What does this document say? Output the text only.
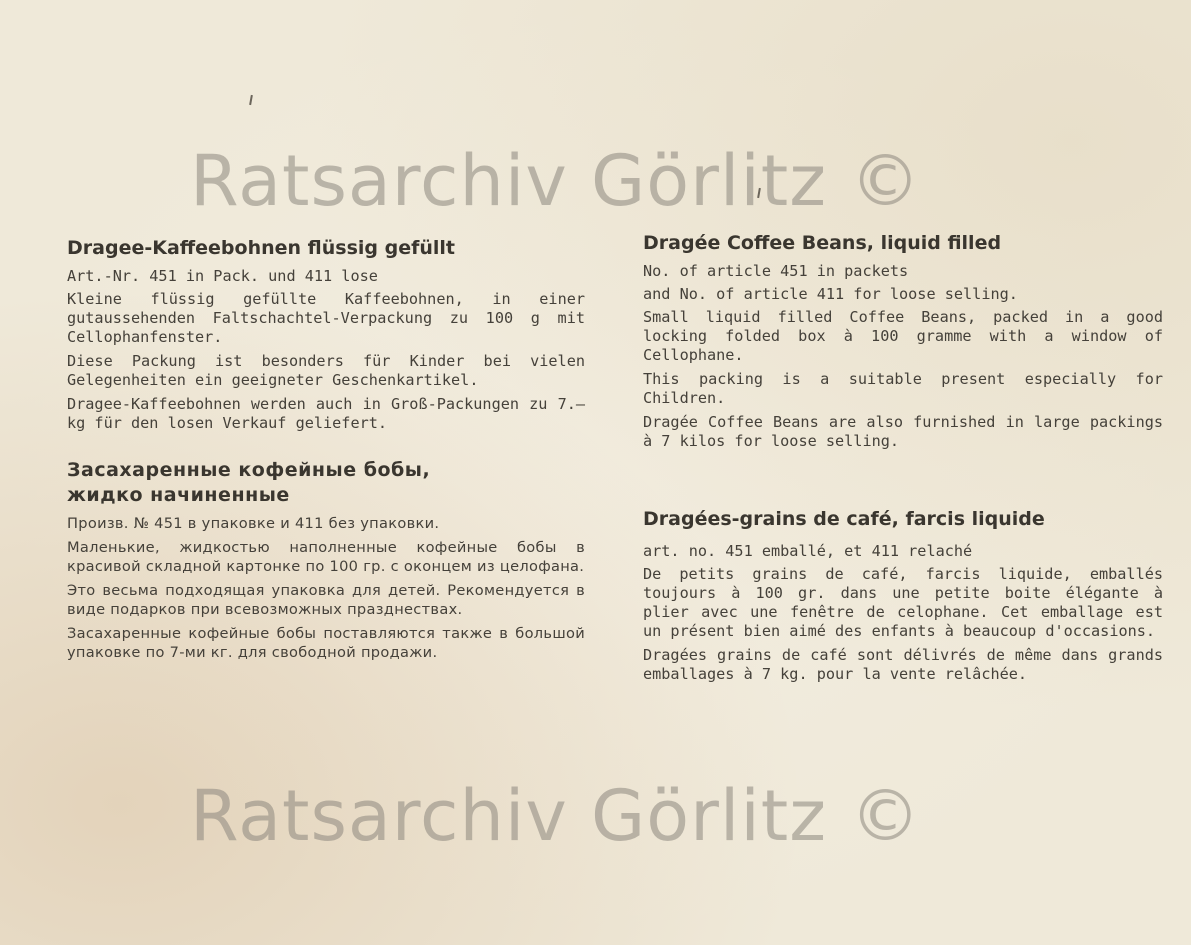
Ratsarchiv Görlitz ©
Dragee-Kaffeebohnen flüssig gefüllt

Art.-Nr. 451 in Pack. und 411 lose

Kleine flüssig gefüllte Kaffeebohnen, in einer gutaussehenden Faltschachtel-Verpackung zu 100 g mit Cellophanfenster.

Diese Packung ist besonders für Kinder bei vielen Gelegenheiten ein geeigneter Geschenkartikel.

Dragee-Kaffeebohnen werden auch in Groß-Packungen zu 7.— kg für den losen Verkauf geliefert.

Засахаренные кофейные бобы,
жидко начиненные

Произв. № 451 в упаковке и 411 без упаковки.

Маленькие, жидкостью наполненные кофейные бобы в красивой складной картонке по 100 гр. с оконцем из целофана.

Это весьма подходящая упаковка для детей. Рекомендуется в виде подарков при всевозможных празднествах.

Засахаренные кофейные бобы поставляются также в большой упаковке по 7-ми кг. для свободной продажи.

Dragée Coffee Beans, liquid filled

No. of article 451 in packets

and No. of article 411 for loose selling.

Small liquid filled Coffee Beans, packed in a good locking folded box à 100 gramme with a window of Cellophane.

This packing is a suitable present especially for Children.

Dragée Coffee Beans are also furnished in large packings à 7 kilos for loose selling.

Dragées-grains de café, farcis liquide

art. no. 451 emballé, et 411 relaché

De petits grains de café, farcis liquide, emballés toujours à 100 gr. dans une petite boite élégante à plier avec une fenêtre de celophane. Cet emballage est un présent bien aimé des enfants à beaucoup d'occasions.

Dragées grains de café sont délivrés de même dans grands emballages à 7 kg. pour la vente relâchée.

Ratsarchiv Görlitz ©
